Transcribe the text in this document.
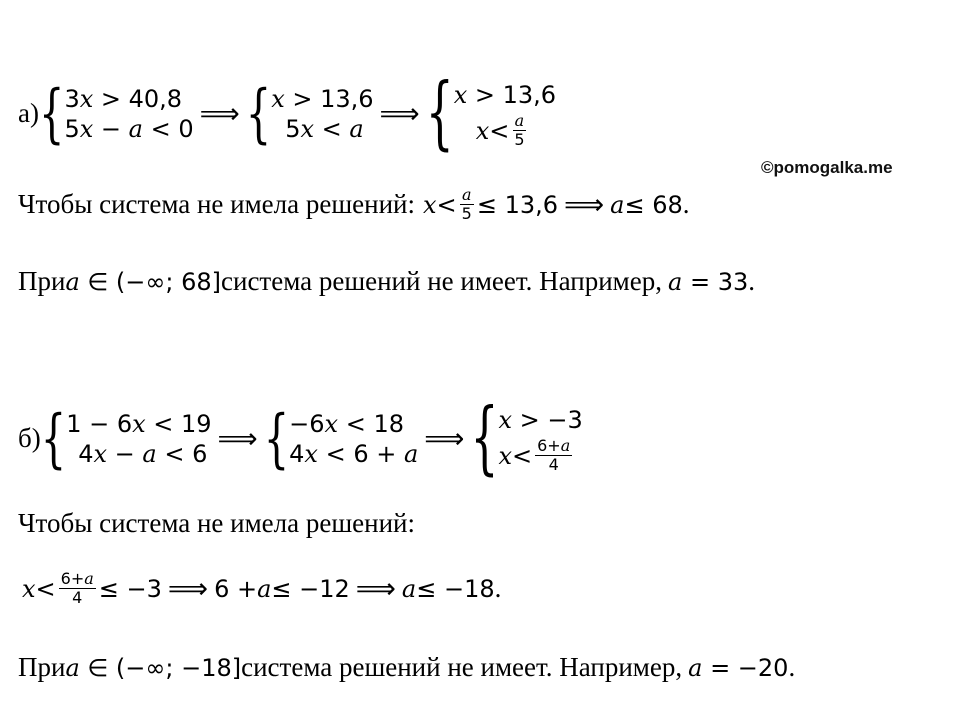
©pomogalka.me
а) { 3x > 40,8
5x − a < 0 ⟹ { x > 13,6
5x < a ⟹ { x > 13,6
$x < \frac{a}{5}$
Чтобы система не имела решений: $x < \frac{a}{5} \le 13,6$ ⟹ a ≤ 68 .
При a ∈ (−∞; 68] система решений не имеет. Например, a = 33 .
б) { 1 − 6x < 19
4x − a < 6 ⟹ { −6x < 18
4x < 6 + a ⟹ { x > −3
$x < \frac{6+a}{4}$
Чтобы система не имела решений:
$x < \frac{6+a}{4} \le -3$ ⟹ 6 + a ≤ −12 ⟹ a ≤ −18 .
При a ∈ (−∞; −18] система решений не имеет. Например, a = −20 .
